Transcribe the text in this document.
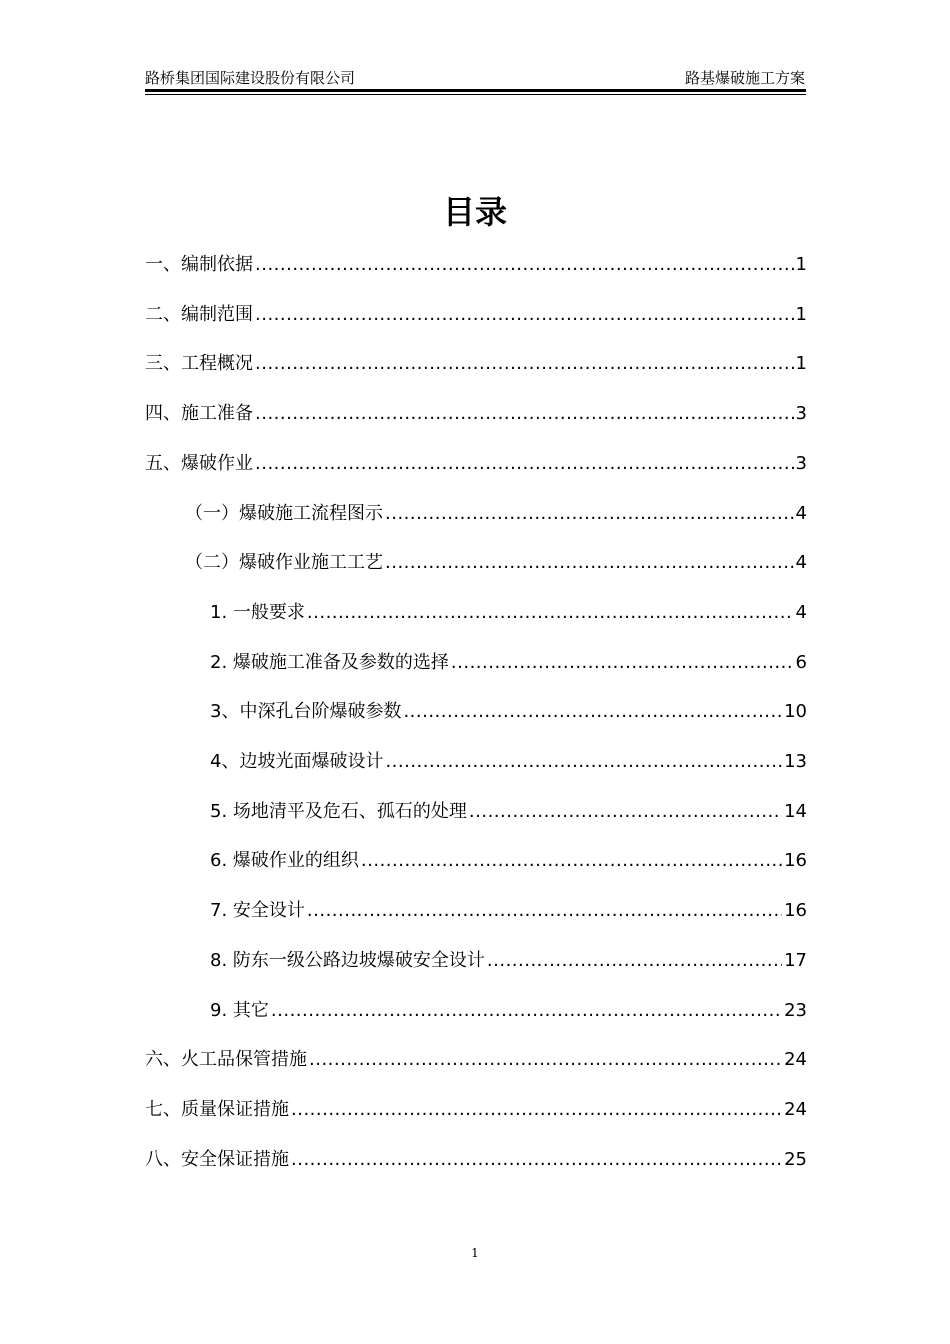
路桥集团国际建设股份有限公司	路基爆破施工方案
目录
一、编制依据 .....	1
二、编制范围 .....	1
三、工程概况 .....	1
四、施工准备 .....	3
五、爆破作业 .....	3
（一）爆破施工流程图示 .....	4
（二）爆破作业施工工艺 .....	4
1. 一般要求 .....	4
2. 爆破施工准备及参数的选择 .....	6
3、中深孔台阶爆破参数 .....	10
4、边坡光面爆破设计 .....	13
5. 场地清平及危石、孤石的处理 .....	14
6. 爆破作业的组织 .....	16
7. 安全设计 .....	16
8. 防东一级公路边坡爆破安全设计 .....	17
9. 其它 .....	23
六、火工品保管措施 .....	24
七、质量保证措施 .....	24
八、安全保证措施 .....	25
1
